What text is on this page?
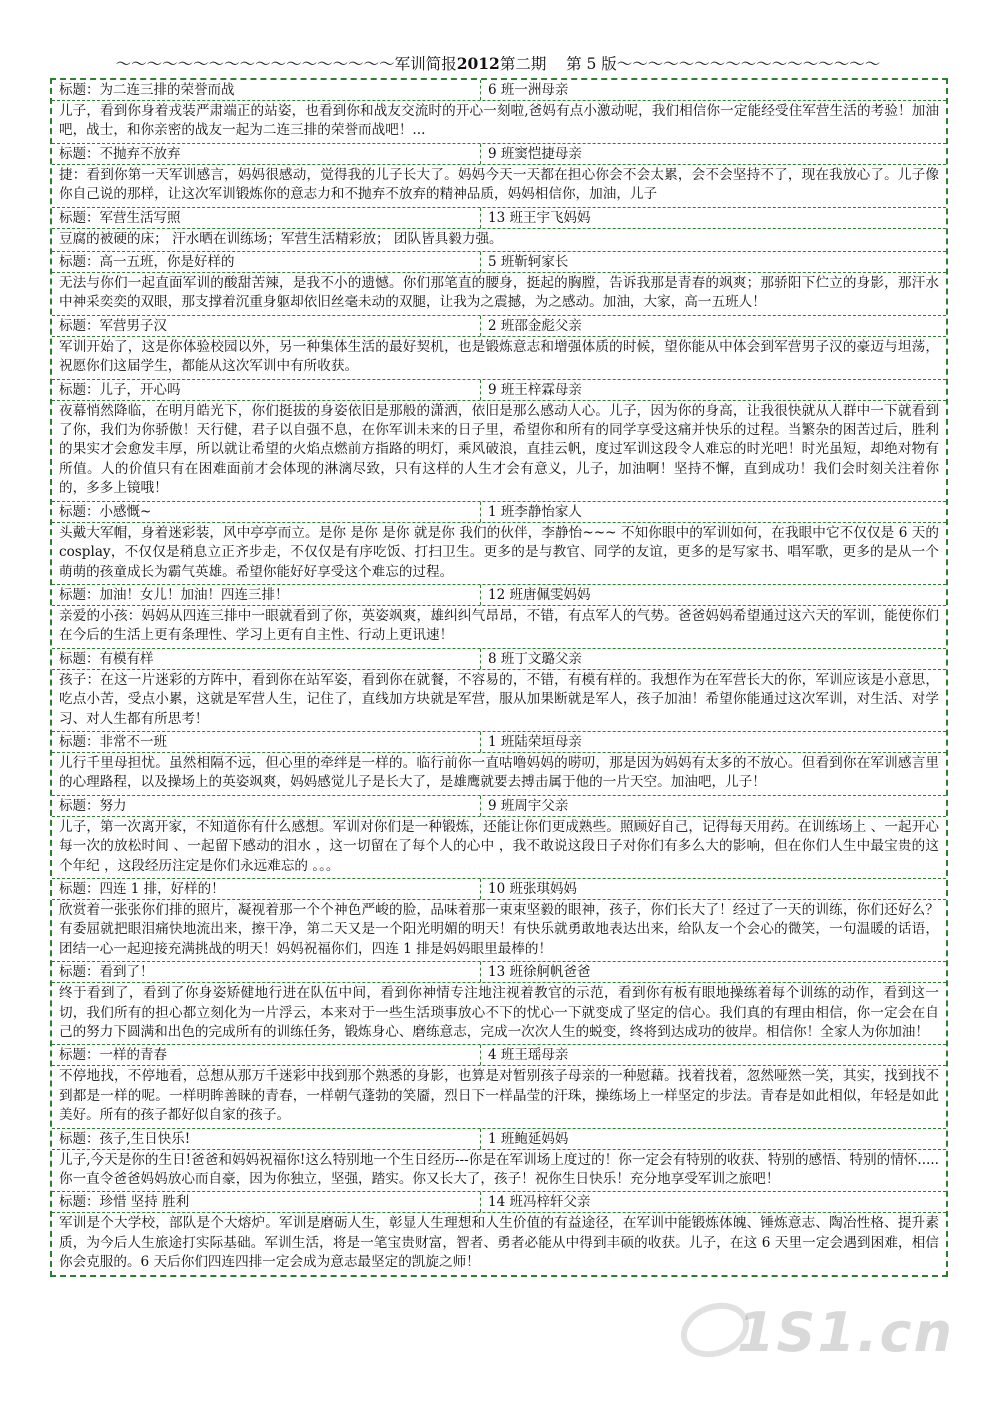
～～～～～～～～～～～～～～～～～～军训简报2012第二期 第 5 版～～～～～～～～～～～～～～～～～
标题：为二连三排的荣誉而战	6 班一洲母亲
儿子，看到你身着戎装严肃端正的站姿，也看到你和战友交流时的开心一刻啦,爸妈有点小激动呢，我们相信你一定能经受住军营生活的考验！加油吧，战士，和你亲密的战友一起为二连三排的荣誉而战吧！...
标题：不抛弃不放弃	9 班窦恺捷母亲
捷：看到你第一天军训感言，妈妈很感动，觉得我的儿子长大了。妈妈今天一天都在担心你会不会太累，会不会坚持不了，现在我放心了。儿子像你自己说的那样，让这次军训锻炼你的意志力和不抛弃不放弃的精神品质，妈妈相信你，加油，儿子
标题：军营生活写照	13 班王宇飞妈妈
豆腐的被硬的床； 汗水晒在训练场；军营生活精彩放； 团队皆具毅力强。
标题：高一五班，你是好样的	5 班靳轲家长
无法与你们一起直面军训的酸甜苦辣，是我不小的遗憾。你们那笔直的腰身，挺起的胸膛，告诉我那是青春的飒爽；那骄阳下伫立的身影，那汗水中神采奕奕的双眼，那支撑着沉重身躯却依旧丝毫未动的双腿，让我为之震撼，为之感动。加油，大家，高一五班人！
标题：军营男子汉	2 班邵金彪父亲
军训开始了，这是你体验校园以外，另一种集体生活的最好契机，也是锻炼意志和增强体质的时候，望你能从中体会到军营男子汉的豪迈与坦荡，祝愿你们这届学生，都能从这次军训中有所收获。
标题：儿子，开心吗	9 班王梓霖母亲
夜幕悄然降临，在明月皓光下，你们挺拔的身姿依旧是那般的潇洒，依旧是那么感动人心。儿子，因为你的身高，让我很快就从人群中一下就看到了你，我们为你骄傲！天行健，君子以自强不息，在你军训未来的日子里，希望你和所有的同学享受这痛并快乐的过程。当繁杂的困苦过后，胜利的果实才会愈发丰厚，所以就让希望的火焰点燃前方指路的明灯，乘风破浪，直挂云帆，度过军训这段令人难忘的时光吧！时光虽短，却绝对物有所值。人的价值只有在困难面前才会体现的淋漓尽致，只有这样的人生才会有意义，儿子，加油啊！坚持不懈，直到成功！我们会时刻关注着你的，多多上镜哦！
标题：小感慨~	1 班李静怡家人
头戴大军帽，身着迷彩装，风中亭亭而立。是你 是你 是你 就是你 我们的伙伴，李静怡~~~ 不知你眼中的军训如何，在我眼中它不仅仅是 6 天的 cosplay，不仅仅是稍息立正齐步走，不仅仅是有序吃饭、打扫卫生。更多的是与教官、同学的友谊，更多的是写家书、唱军歌，更多的是从一个萌萌的孩童成长为霸气英雄。希望你能好好享受这个难忘的过程。
标题：加油！女儿！加油！四连三排！	12 班唐佩雯妈妈
亲爱的小孩：妈妈从四连三排中一眼就看到了你，英姿飒爽，雄纠纠气昂昂，不错，有点军人的气势。爸爸妈妈希望通过这六天的军训，能使你们在今后的生活上更有条理性、学习上更有自主性、行动上更讯速！
标题：有模有样	8 班丁文璐父亲
孩子：在这一片迷彩的方阵中，看到你在站军姿，看到你在就餐，不容易的，不错，有模有样的。我想作为在军营长大的你，军训应该是小意思，吃点小苦，受点小累，这就是军营人生，记住了，直线加方块就是军营，服从加果断就是军人，孩子加油！希望你能通过这次军训，对生活、对学习、对人生都有所思考！
标题：非常不一班	1 班陆荣垣母亲
儿行千里母担忧。虽然相隔不远，但心里的牵绊是一样的。临行前你一直咕噜妈妈的唠叨，那是因为妈妈有太多的不放心。但看到你在军训感言里的心理路程，以及操场上的英姿飒爽，妈妈感觉儿子是长大了，是雄鹰就要去搏击属于他的一片天空。加油吧，儿子！
标题：努力	9 班周宇父亲
儿子，第一次离开家，不知道你有什么感想。军训对你们是一种锻炼，还能让你们更成熟些。照顾好自己，记得每天用药。在训练场上 、一起开心每一次的放松时间 、一起留下感动的泪水 ，这一切留在了每个人的心中 ，我不敢说这段日子对你们有多么大的影响，但在你们人生中最宝贵的这个年纪 ，这段经历注定是你们永远难忘的 。。。
标题：四连 1 排，好样的！	10 班张琪妈妈
欣赏着一张张你们排的照片，凝视着那一个个神色严峻的脸，品味着那一束束坚毅的眼神，孩子，你们长大了！经过了一天的训练，你们还好么？有委屈就把眼泪痛快地流出来，擦干净，第二天又是一个阳光明媚的明天！有快乐就勇敢地表达出来，给队友一个会心的微笑，一句温暖的话语，团结一心一起迎接充满挑战的明天！妈妈祝福你们，四连 1 排是妈妈眼里最棒的！
标题：看到了！	13 班徐舸帆爸爸
终于看到了，看到了你身姿矫健地行进在队伍中间，看到你神情专注地注视着教官的示范，看到你有板有眼地操练着每个训练的动作，看到这一切，我们所有的担心都立刻化为一片浮云，本来对于一些生活琐事放心不下的忧心一下就变成了坚定的信心。我们真的有理由相信，你一定会在自己的努力下圆满和出色的完成所有的训练任务，锻炼身心、磨练意志，完成一次次人生的蜕变，终将到达成功的彼岸。相信你！全家人为你加油！
标题：一样的青春	4 班王瑶母亲
不停地找，不停地看，总想从那万千迷彩中找到那个熟悉的身影，也算是对暂别孩子母亲的一种慰藉。找着找着，忽然哑然一笑，其实，找到找不到都是一样的呢。一样明眸善睐的青春，一样朝气蓬勃的笑靥，烈日下一样晶莹的汗珠，操练场上一样坚定的步法。青春是如此相似，年轻是如此美好。所有的孩子都好似自家的孩子。
标题：孩子,生日快乐!	1 班鲍延妈妈
儿子,今天是你的生日!爸爸和妈妈祝福你!这么特别地一个生日经历---你是在军训场上度过的！你一定会有特别的收获、特别的感悟、特别的情怀.....你一直令爸爸妈妈放心而自豪，因为你独立，坚强，踏实。你又长大了，孩子！祝你生日快乐！充分地享受军训之旅吧！
标题：珍惜 坚持 胜利	14 班冯梓轩父亲
军训是个大学校，部队是个大熔炉。军训是磨砺人生，彰显人生理想和人生价值的有益途径，在军训中能锻炼体魄、锤炼意志、陶冶性格、提升素质，为今后人生旅途打实际基础。军训生活，将是一笔宝贵财富，智者、勇者必能从中得到丰硕的收获。儿子，在这 6 天里一定会遇到困难，相信你会克服的。6 天后你们四连四排一定会成为意志最坚定的凯旋之师！
1S1.cn
